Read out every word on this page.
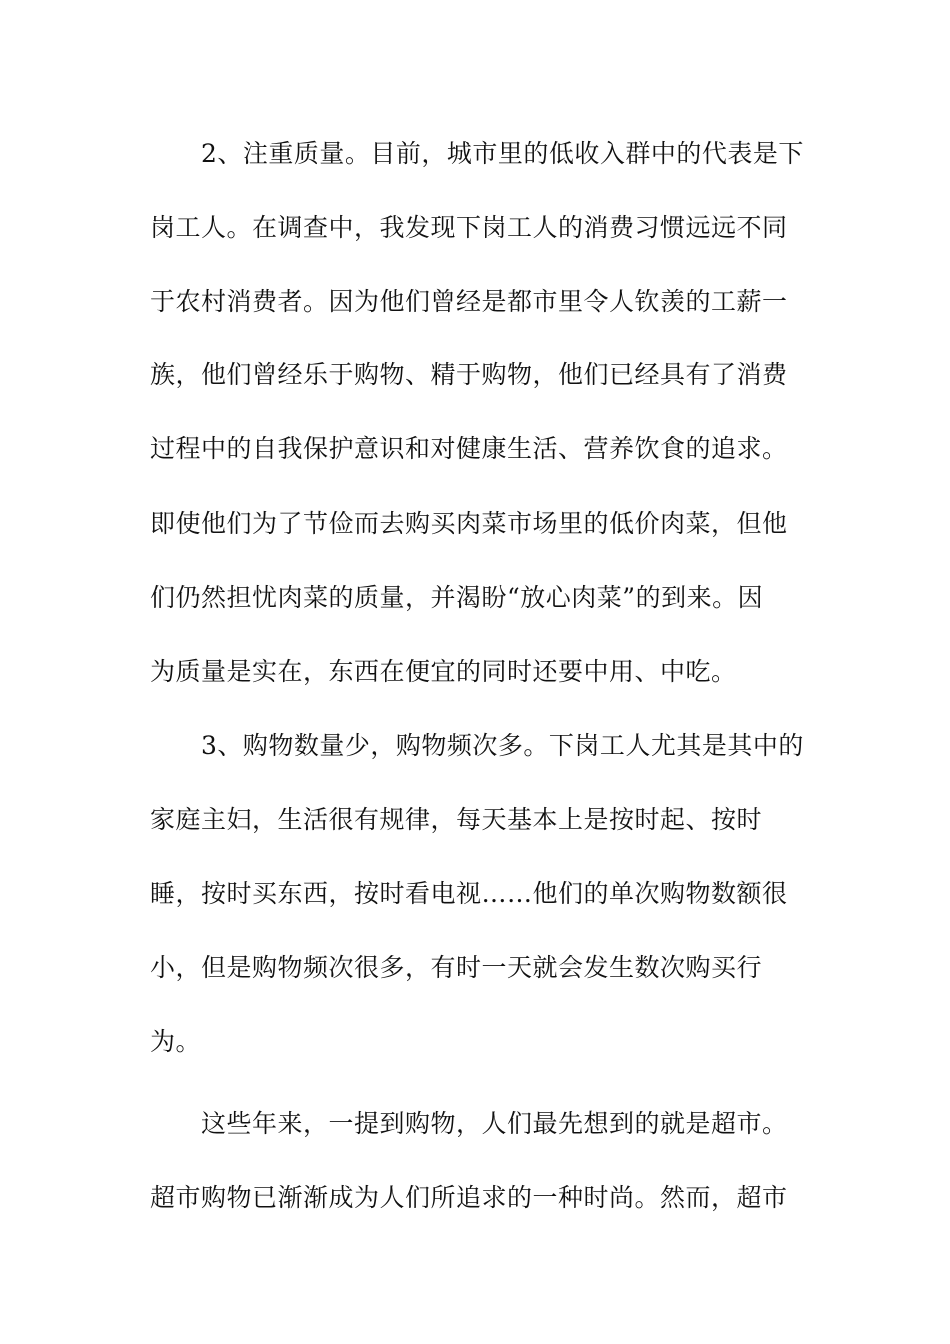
2、注重质量。目前，城市里的低收入群中的代表是下
岗工人。在调查中，我发现下岗工人的消费习惯远远不同
于农村消费者。因为他们曾经是都市里令人钦羡的工薪一
族，他们曾经乐于购物、精于购物，他们已经具有了消费
过程中的自我保护意识和对健康生活、营养饮食的追求。
即使他们为了节俭而去购买肉菜市场里的低价肉菜，但他
们仍然担忧肉菜的质量，并渴盼“放心肉菜”的到来。因
为质量是实在，东西在便宜的同时还要中用、中吃。
3、购物数量少，购物频次多。下岗工人尤其是其中的
家庭主妇，生活很有规律，每天基本上是按时起、按时
睡，按时买东西，按时看电视……他们的单次购物数额很
小，但是购物频次很多，有时一天就会发生数次购买行
为。
这些年来，一提到购物，人们最先想到的就是超市。
超市购物已渐渐成为人们所追求的一种时尚。然而，超市
